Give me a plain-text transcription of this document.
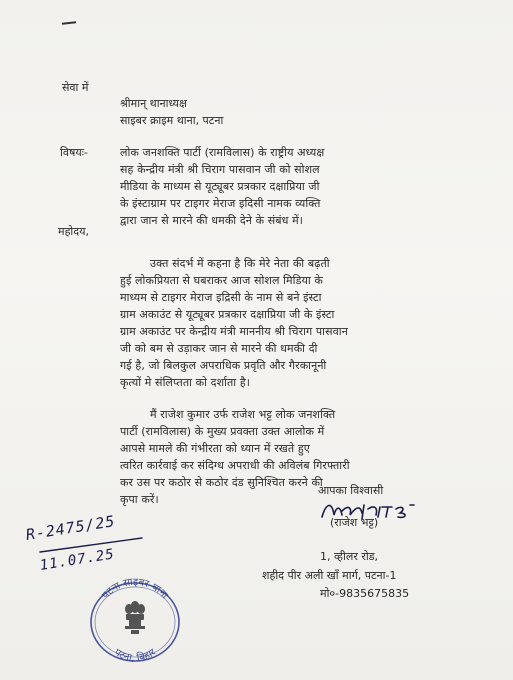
सेवा में
श्रीमान् थानाध्यक्ष
साइबर क्राइम थाना, पटना
विषयः-	लोक जनशक्ति पार्टी (रामविलास) के राष्ट्रीय अध्यक्ष
सह केन्द्रीय मंत्री श्री चिराग पासवान जी को सोशल
मीडिया के माध्यम से यूट्यूबर प्रत्रकार दक्षाप्रिया जी
के इंस्टाग्राम पर टाइगर मेराज इदिसी नामक व्यक्ति
द्वारा जान से मारने की धमकी देने के संबंध में।
महोदय,
उक्त संदर्भ में कहना है कि मेरे नेता की बढ़ती
हुई लोकप्रियता से घबराकर आज सोशल मिडिया के
माध्यम से टाइगर मेराज इद्रिसी के नाम से बने इंस्टा
ग्राम अकाउंट से यूट्यूबर प्रत्रकार दक्षाप्रिया जी के इंस्टा
ग्राम अकाउंट पर केन्द्रीय मंत्री माननीय श्री चिराग पासवान
जी को बम से उड़ाकर जान से मारने की धमकी दी
गई है, जो बिलकुल अपराधिक प्रवृति और गैरकानूनी
कृत्यों मे संलिप्तता को दर्शाता है।
मैं राजेश कुमार उर्फ राजेश भट्ट लोक जनशक्ति
पार्टी (रामविलास) के मुख्य प्रवक्ता उक्त आलोक में
आपसे मामले की गंभीरता को ध्यान में रखते हुए
त्वरित कार्रवाई कर संदिग्ध अपराधी की अविलंब गिरफ्तारी
कर उस पर कठोर से कठोर दंड सुनिश्चित करने की
कृपा करें।
आपका विश्वासी
(राजेश भट्ट)
1, व्हीलर रोड,
शहीद पीर अली खाँ मार्ग, पटना-1
मो०-9835675835
R-2475/25
11.07.25
पटना साइबर थाना
पटना, बिहार
